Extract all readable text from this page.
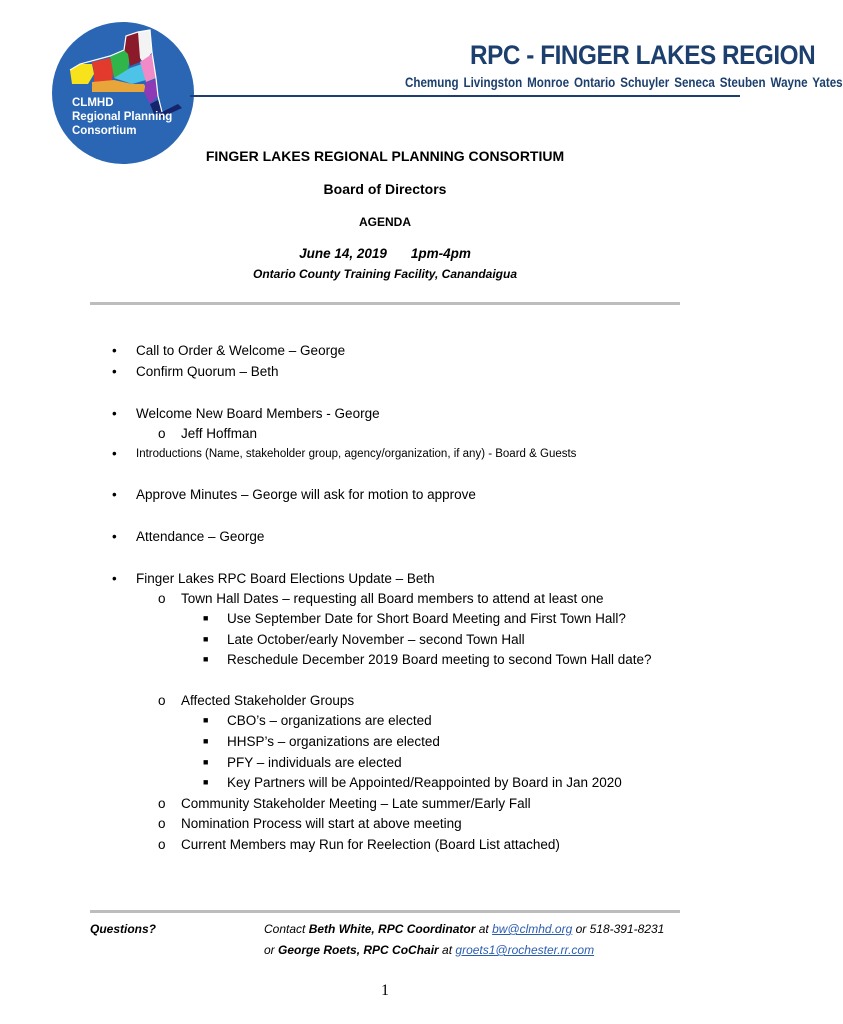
CLMHD
Regional Planning
Consortium
RPC - FINGER LAKES REGION
Chemung Livingston Monroe Ontario Schuyler Seneca Steuben Wayne Yates
FINGER LAKES REGIONAL PLANNING CONSORTIUM
Board of Directors
AGENDA
June 14, 2019 1pm-4pm
Ontario County Training Facility, Canandaigua
• Call to Order & Welcome – George
• Confirm Quorum – Beth
• Welcome New Board Members - George
o Jeff Hoffman
• Introductions (Name, stakeholder group, agency/organization, if any) - Board & Guests
• Approve Minutes – George will ask for motion to approve
• Attendance – George
• Finger Lakes RPC Board Elections Update – Beth
o Town Hall Dates – requesting all Board members to attend at least one
■ Use September Date for Short Board Meeting and First Town Hall?
■ Late October/early November – second Town Hall
■ Reschedule December 2019 Board meeting to second Town Hall date?
o Affected Stakeholder Groups
■ CBO’s – organizations are elected
■ HHSP’s – organizations are elected
■ PFY – individuals are elected
■ Key Partners will be Appointed/Reappointed by Board in Jan 2020
o Community Stakeholder Meeting – Late summer/Early Fall
o Nomination Process will start at above meeting
o Current Members may Run for Reelection (Board List attached)
Questions?	Contact Beth White, RPC Coordinator at bw@clmhd.org or 518-391-8231
or George Roets, RPC CoChair at groets1@rochester.rr.com
1
